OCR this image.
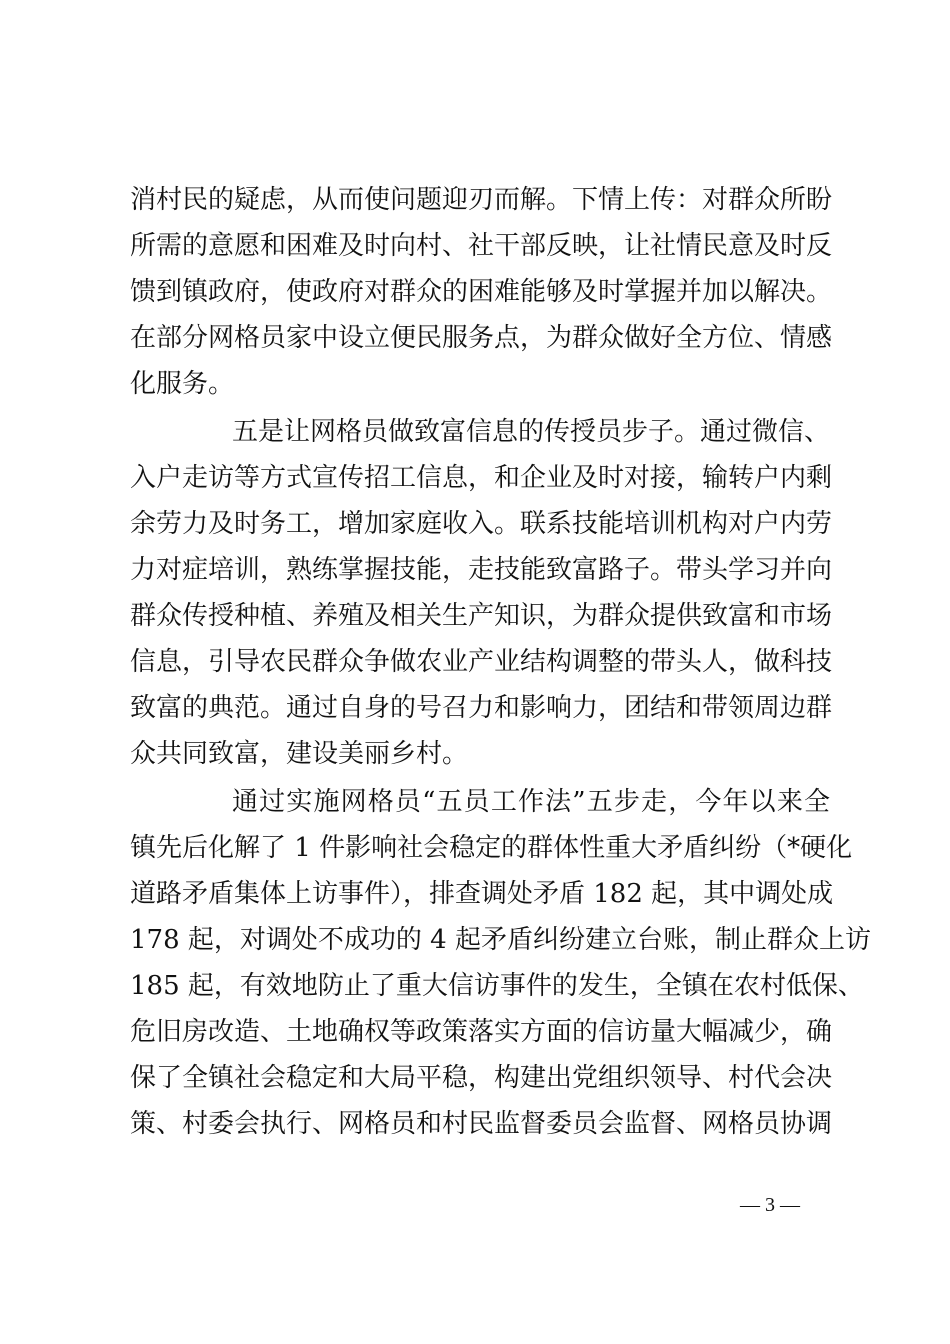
消村民的疑虑，从而使问题迎刃而解。下情上传：对群众所盼
所需的意愿和困难及时向村、社干部反映，让社情民意及时反
馈到镇政府，使政府对群众的困难能够及时掌握并加以解决。
在部分网格员家中设立便民服务点，为群众做好全方位、情感
化服务。
五是让网格员做致富信息的传授员步子。通过微信、
入户走访等方式宣传招工信息，和企业及时对接，输转户内剩
余劳力及时务工，增加家庭收入。联系技能培训机构对户内劳
力对症培训，熟练掌握技能，走技能致富路子。带头学习并向
群众传授种植、养殖及相关生产知识，为群众提供致富和市场
信息，引导农民群众争做农业产业结构调整的带头人，做科技
致富的典范。通过自身的号召力和影响力，团结和带领周边群
众共同致富，建设美丽乡村。
通过实施网格员“五员工作法”五步走，今年以来全
镇先后化解了 1 件影响社会稳定的群体性重大矛盾纠纷（*硬化
道路矛盾集体上访事件），排查调处矛盾 182 起，其中调处成
178 起，对调处不成功的 4 起矛盾纠纷建立台账，制止群众上访
185 起，有效地防止了重大信访事件的发生，全镇在农村低保、
危旧房改造、土地确权等政策落实方面的信访量大幅减少，确
保了全镇社会稳定和大局平稳，构建出党组织领导、村代会决
策、村委会执行、网格员和村民监督委员会监督、网格员协调
— 3 —
